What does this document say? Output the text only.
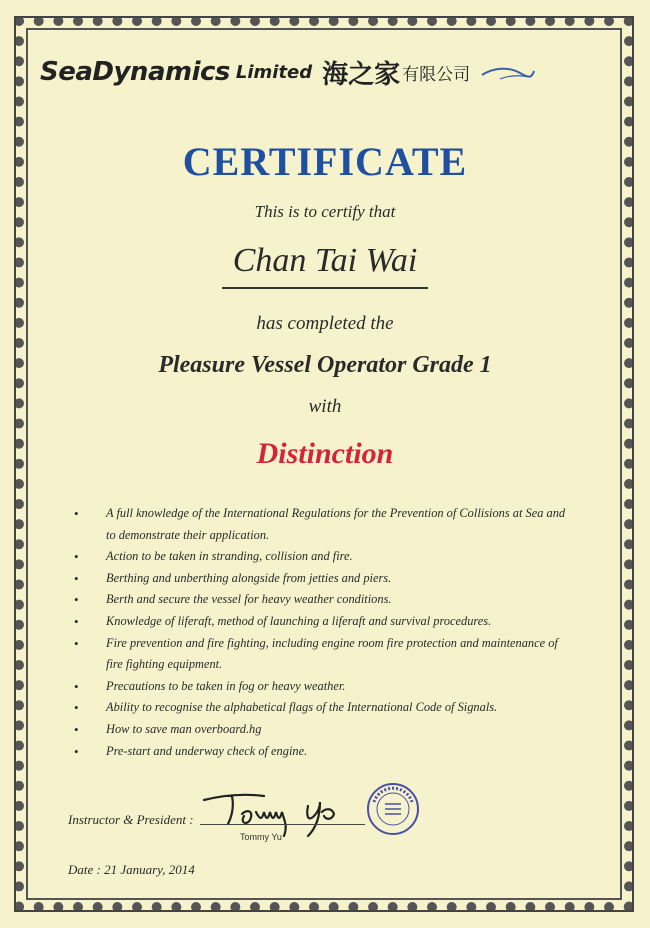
SeaDynamics Limited 海之家 有限公司
CERTIFICATE
This is to certify that
Chan Tai Wai
has completed the
Pleasure Vessel Operator Grade 1
with
Distinction
• A full knowledge of the International Regulations for the Prevention of Collisions at Sea and to demonstrate their application.
• Action to be taken in stranding, collision and fire.
• Berthing and unberthing alongside from jetties and piers.
• Berth and secure the vessel for heavy weather conditions.
• Knowledge of liferaft, method of launching a liferaft and survival procedures.
• Fire prevention and fire fighting, including engine room fire protection and maintenance of fire fighting equipment.
• Precautions to be taken in fog or heavy weather.
• Ability to recognise the alphabetical flags of the International Code of Signals.
• How to save man overboard.hg
• Pre-start and underway check of engine.
Instructor & President :
Tommy Yu
Date : 21 January, 2014
